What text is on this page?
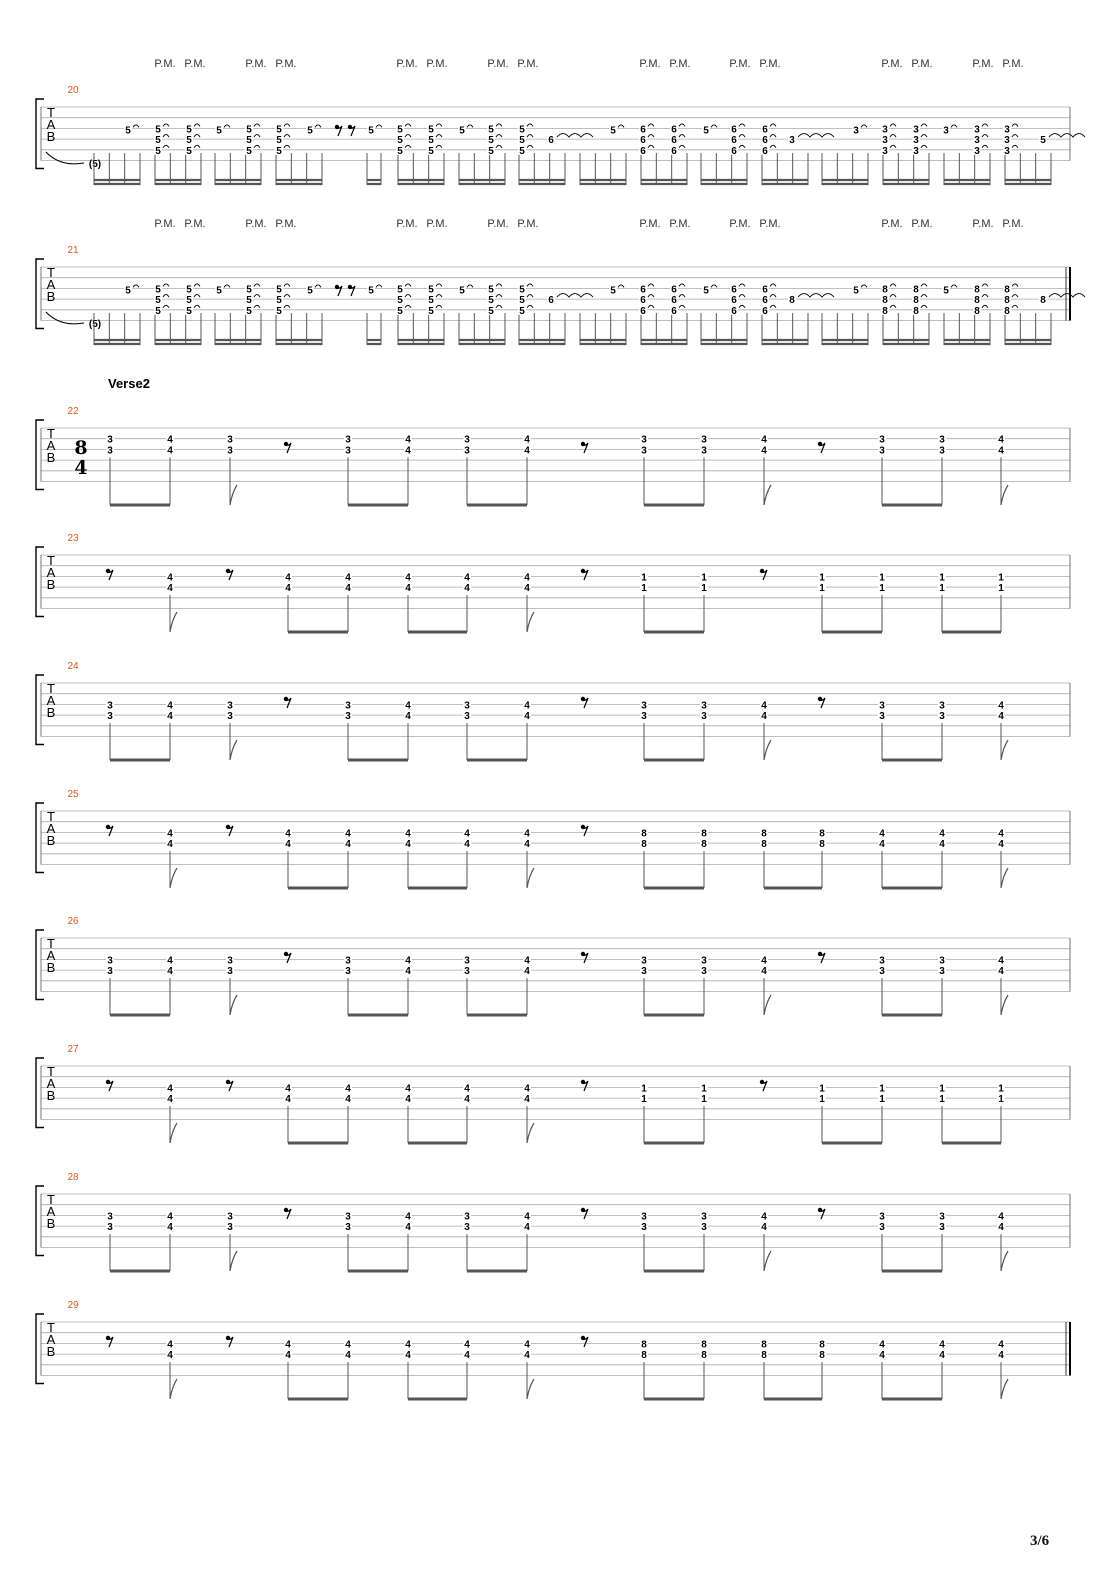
T
A
B
20
P.M. P.M.	P.M. P.M.	P.M. P.M.	P.M. P.M.	P.M. P.M.	P.M. P.M.	P.M. P.M.	P.M. P.M.
(5)
5 5
5
5
5
5
5
5 5
5
5
5
5
5
5	5 5
5
5
5
5
5
5 5
5
5
5
5
5
5 6
6
6
6
6
6
5 6
6
6
6
6
6
3 3
3
3
3
3
3
3	3
3
3
3
3
3
6	3	5
T
A
B
21
P.M. P.M.	P.M. P.M.	P.M. P.M.	P.M. P.M.	P.M. P.M.	P.M. P.M.	P.M. P.M.	P.M. P.M.
(5)
5 5
5
5
5
5
5
5 5
5
5
5
5
5
5	5 5
5
5
5
5
5
5 5
5
5
5
5
5
5 6
6
6
6
6
6
5 6
6
6
6
6
6
5 8
8
8
8
8
8
5	8
8
8
8
8
8
6	8	8
T
A
B
22
3
3
4
4
3
3
3
3
4
4
3
3
4
4
3
3
3
3
4
4
3
3
3
3
4
4
Verse2
8
4
T
A
B
23
4
4
4
4
4
4
4
4
4
4
4
4
1
1
1
1
1
1
1
1
1
1
1
1
T
A
B
24
3
3
4
4
3
3
3
3
4
4
3
3
4
4
3
3
3
3
4
4
3
3
3
3
4
4
T
A
B
25
4
4
4
4
4
4
4
4
4
4
4
4
8
8
8
8
8
8
8
8
4
4
4
4
4
4
T
A
B
26
3
3
4
4
3
3
3
3
4
4
3
3
4
4
3
3
3
3
4
4
3
3
3
3
4
4
T
A
B
27
4
4
4
4
4
4
4
4
4
4
4
4
1
1
1
1
1
1
1
1
1
1
1
1
T
A
B
28
3
3
4
4
3
3
3
3
4
4
3
3
4
4
3
3
3
3
4
4
3
3
3
3
4
4
T
A
B
29
4
4
4
4
4
4
4
4
4
4
4
4
8
8
8
8
8
8
8
8
4
4
4
4
4
4
3/6
